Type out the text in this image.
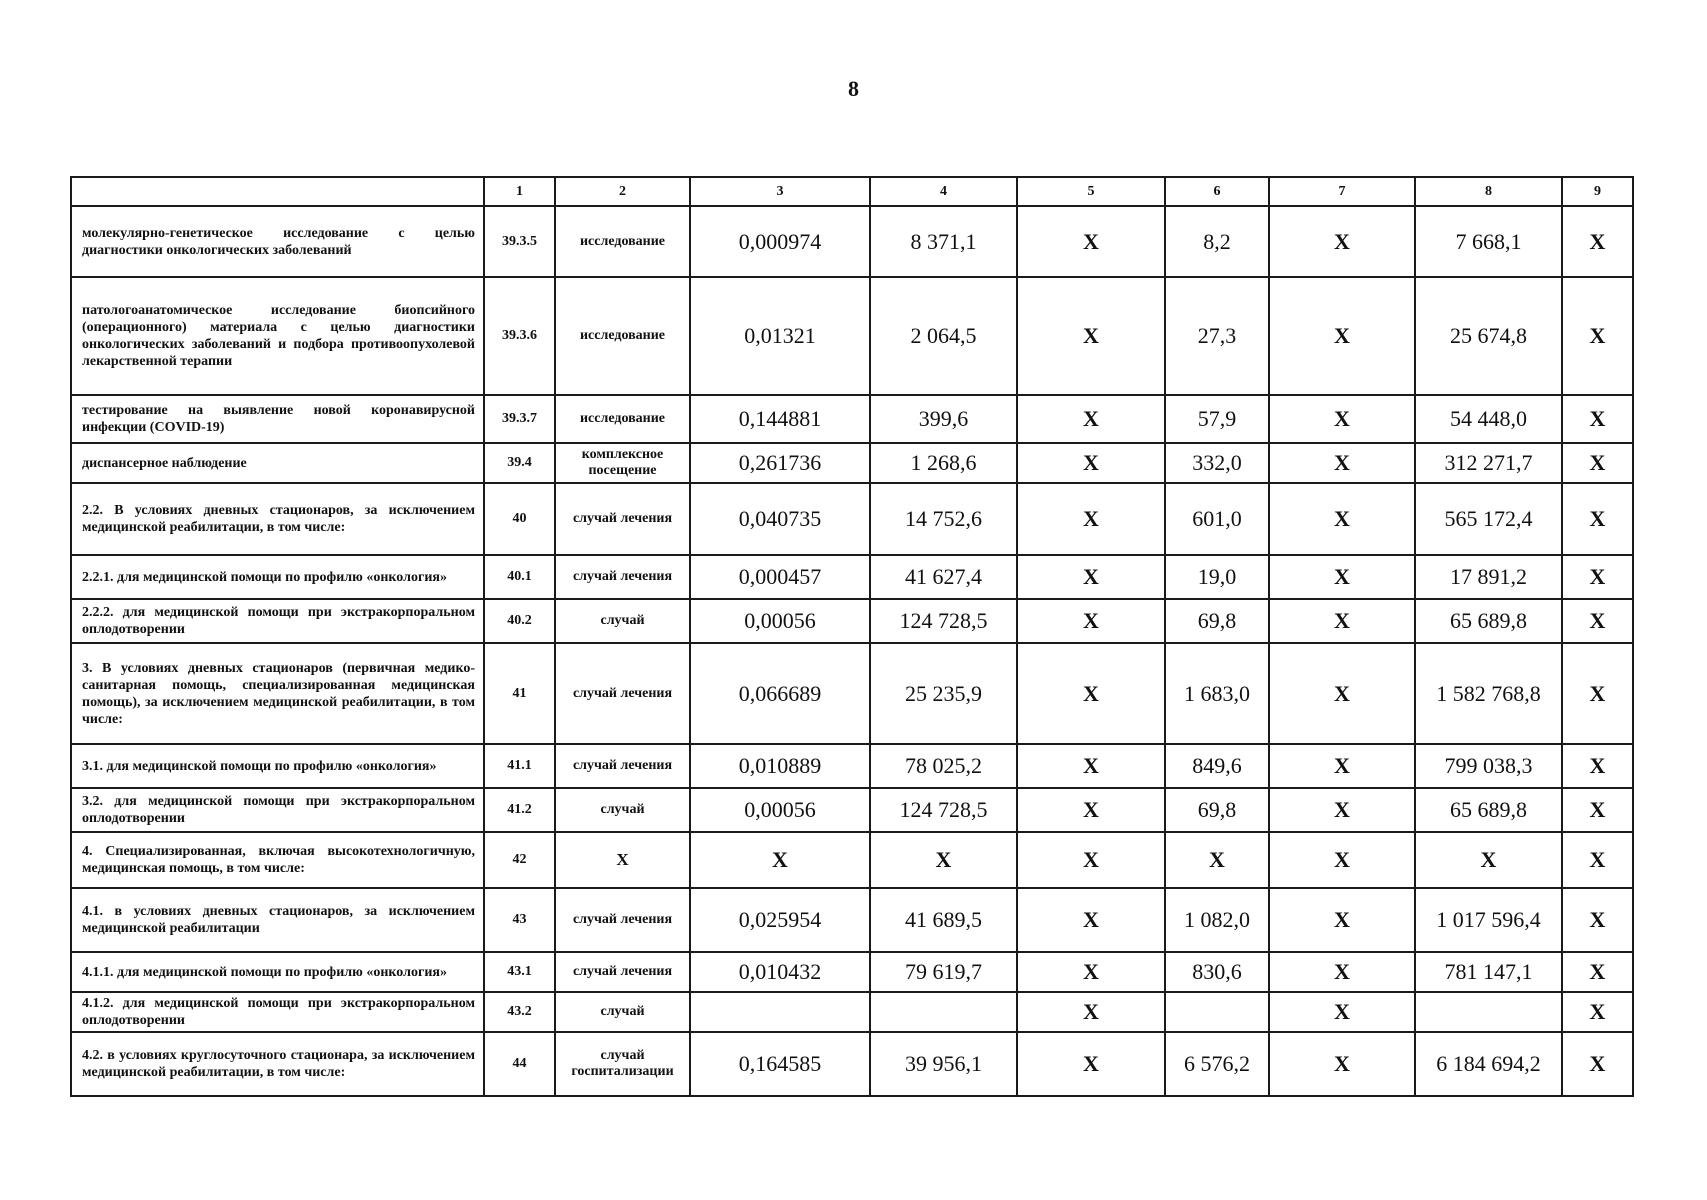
8
	1	2	3	4	5	6	7	8	9
молекулярно-генетическое исследование с целью диагностики онкологических заболеваний	39.3.5	исследование	0,000974	8 371,1	X	8,2	X	7 668,1	X
патологоанатомическое исследование биопсийного (операционного) материала с целью диагностики онкологических заболеваний и подбора противоопухолевой лекарственной терапии	39.3.6	исследование	0,01321	2 064,5	X	27,3	X	25 674,8	X
тестирование на выявление новой коронавирусной инфекции (COVID-19)	39.3.7	исследование	0,144881	399,6	X	57,9	X	54 448,0	X
диспансерное наблюдение	39.4	комплексное посещение	0,261736	1 268,6	X	332,0	X	312 271,7	X
2.2. В условиях дневных стационаров, за исключением медицинской реабилитации, в том числе:	40	случай лечения	0,040735	14 752,6	X	601,0	X	565 172,4	X
2.2.1. для медицинской помощи по профилю «онкология»	40.1	случай лечения	0,000457	41 627,4	X	19,0	X	17 891,2	X
2.2.2. для медицинской помощи при экстракорпоральном оплодотворении	40.2	случай	0,00056	124 728,5	X	69,8	X	65 689,8	X
3. В условиях дневных стационаров (первичная медико-санитарная помощь, специализированная медицинская помощь), за исключением медицинской реабилитации, в том числе:	41	случай лечения	0,066689	25 235,9	X	1 683,0	X	1 582 768,8	X
3.1. для медицинской помощи по профилю «онкология»	41.1	случай лечения	0,010889	78 025,2	X	849,6	X	799 038,3	X
3.2. для медицинской помощи при экстракорпоральном оплодотворении	41.2	случай	0,00056	124 728,5	X	69,8	X	65 689,8	X
4. Специализированная, включая высокотехнологичную, медицинская помощь, в том числе:	42	X	X	X	X	X	X	X	X
4.1. в условиях дневных стационаров, за исключением медицинской реабилитации	43	случай лечения	0,025954	41 689,5	X	1 082,0	X	1 017 596,4	X
4.1.1. для медицинской помощи по профилю «онкология»	43.1	случай лечения	0,010432	79 619,7	X	830,6	X	781 147,1	X
4.1.2. для медицинской помощи при экстракорпоральном оплодотворении	43.2	случай			X		X		X
4.2. в условиях круглосуточного стационара, за исключением медицинской реабилитации, в том числе:	44	случай госпитализации	0,164585	39 956,1	X	6 576,2	X	6 184 694,2	X
